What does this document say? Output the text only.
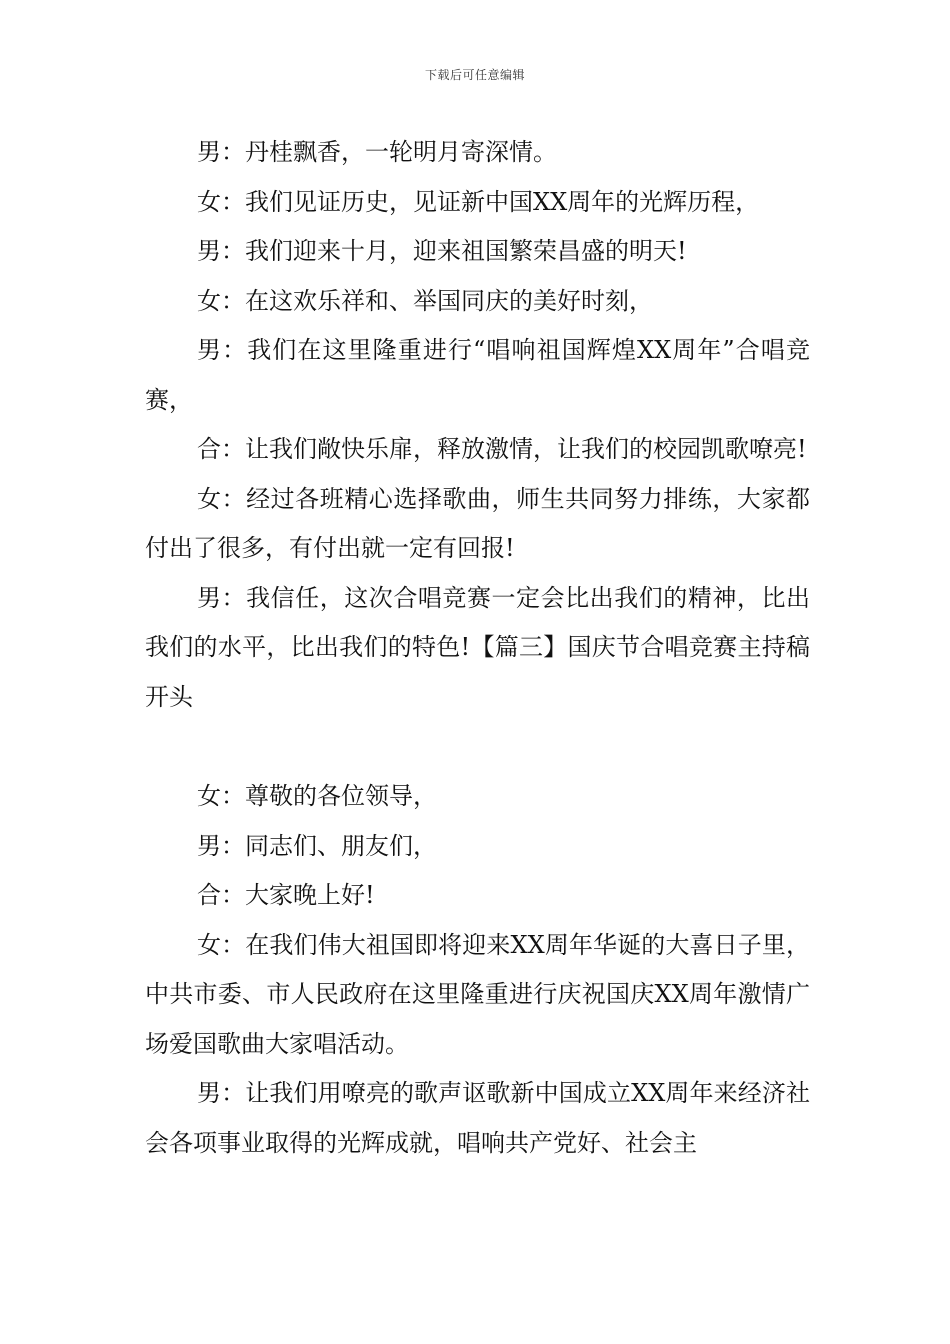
下载后可任意编辑

男：丹桂飘香，一轮明月寄深情。

女：我们见证历史，见证新中国XX周年的光辉历程，

男：我们迎来十月，迎来祖国繁荣昌盛的明天!

女：在这欢乐祥和、举国同庆的美好时刻，

男：我们在这里隆重进行“唱响祖国辉煌XX周年”合唱竞赛，

合：让我们敞快乐扉，释放激情，让我们的校园凯歌嘹亮!

女：经过各班精心选择歌曲，师生共同努力排练，大家都付出了很多，有付出就一定有回报!

男：我信任，这次合唱竞赛一定会比出我们的精神，比出我们的水平，比出我们的特色!【篇三】国庆节合唱竞赛主持稿开头

女：尊敬的各位领导，

男：同志们、朋友们，

合：大家晚上好!

女：在我们伟大祖国即将迎来XX周年华诞的大喜日子里，中共市委、市人民政府在这里隆重进行庆祝国庆XX周年激情广场爱国歌曲大家唱活动。

男：让我们用嘹亮的歌声讴歌新中国成立XX周年来经济社会各项事业取得的光辉成就，唱响共产党好、社会主
